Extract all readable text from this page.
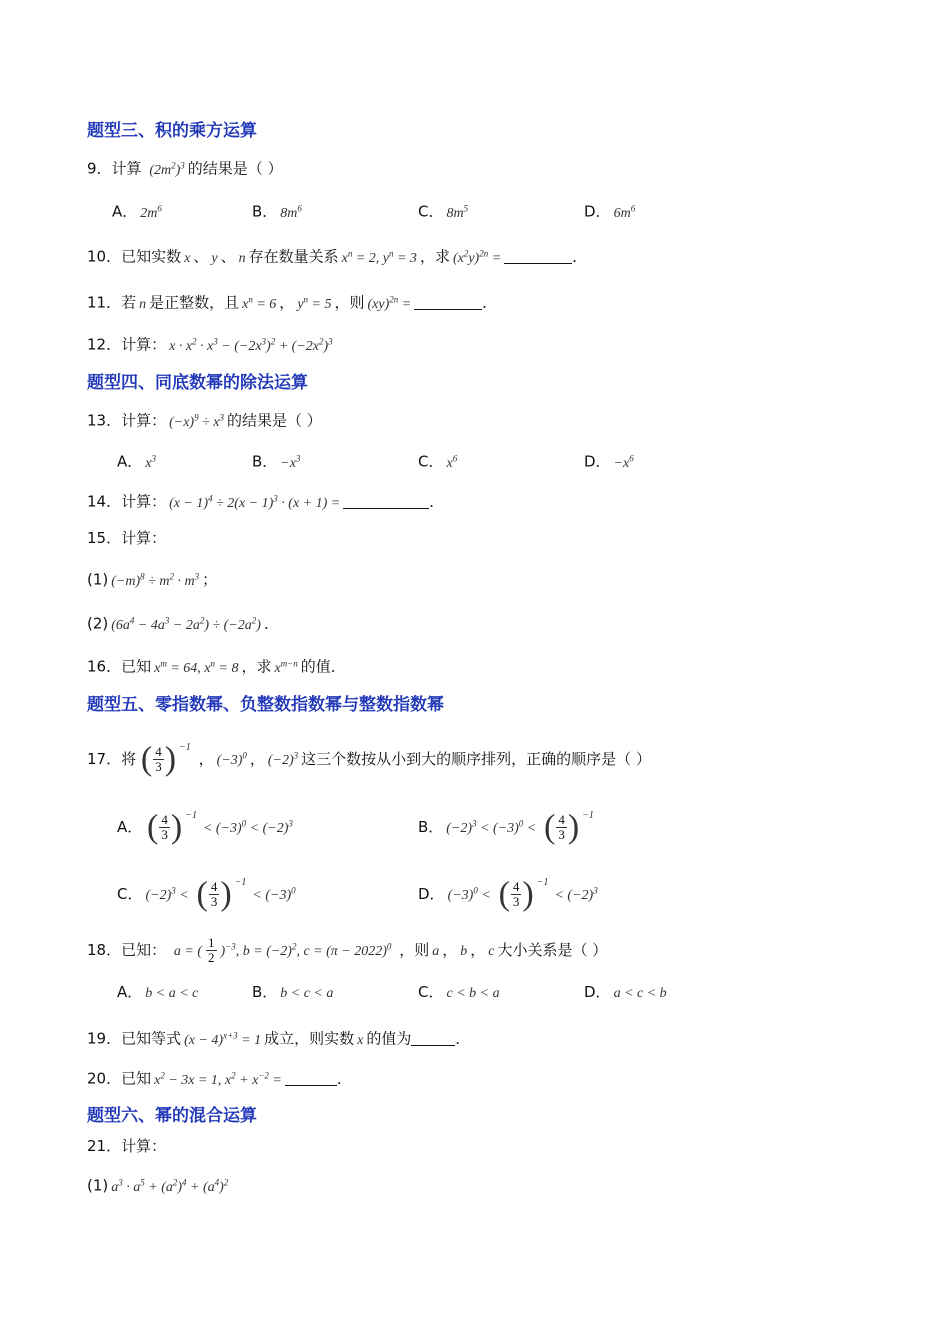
题型三、积的乘方运算
9．计算 $(2m^2)^3$ 的结果是（ ）
A． $2m^6$	B． $8m^6$	C． $8m^5$	D． $6m^6$
10．已知实数 x 、 y 、 n 存在数量关系 $x^n = 2$, $y^n = 3$ ，求 $(x^2y)^{2n}$ =	．
11．若 n 是正整数，且 $x^n = 6$ ， $y^n = 5$ ，则 (xy)$^{2n}$ =	．
12．计算： $x \cdot x^2 \cdot x^3 - (-2x^3)^2 + (-2x^2)^3$
题型四、同底数幂的除法运算
13．计算： $(-x)^9 \div x^3$ 的结果是（ ）
A． $x^3$	B． $-x^3$	C． $x^6$	D． $-x^6$
14．计算： $(x - 1)^4 \div 2(x - 1)^3 \cdot (x + 1)$ =	．
15．计算：
(1) $(-m)^8 \div m^2 \cdot m^3$ ；
(2) $(6a^4 - 4a^3 - 2a^2) \div (-2a^2)$ ．
16．已知 $x^m = 64$, $x^n = 8$ ，求 $x^{m-n}$ 的值．
题型五、零指数幂、负整数指数幂与整数指数幂
17．将 ( $\frac{4}{3}$ ) $^{-1}$ ， $(-3)^0$ ， $(-2)^3$ 这三个数按从小到大的顺序排列，正确的顺序是（ ）
A． ( $\frac{4}{3}$ ) $^{-1}< (-3)^0 < (-2)^3$	B． $(-2)^3 < (-3)^0$ < ( $\frac{4}{3}$ ) $^{-1}$
C． $(-2)^3$ < ( $\frac{4}{3}$ ) $^{-1}< (-3)^0$	D． $(-3)^0$ < ( $\frac{4}{3}$ ) $^{-1}< (-2)^3$
18．已知： a = ( $\frac{1}{2} )^{-3}$, $b = (-2)^2$, $c = (\pi - 2022)^0$ ，则 a ， b ， c 大小关系是（ ）
A． b < a < c	B． b < c < a	C． c < b < a	D． a < c < b
19．已知等式 $(x - 4)^{x+3} = 1$ 成立，则实数 x 的值为	．
20．已知 $x^2 - 3x = 1$, $x^2 + x^{-2}$ =	．
题型六、幂的混合运算
21．计算：
(1) $a^3 \cdot a^5 + (a^2)^4 + (a^4)^2$
